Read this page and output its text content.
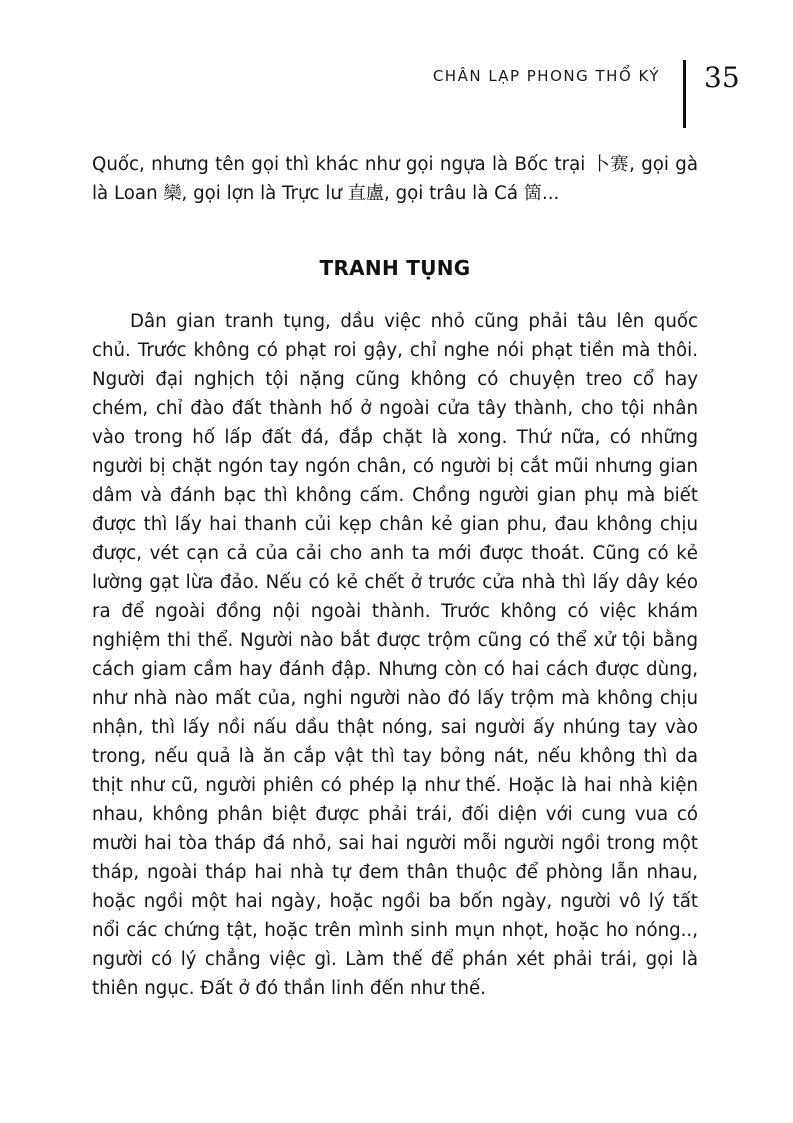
CHÂN LẠP PHONG THỔ KÝ 35

Quốc, nhưng tên gọi thì khác như gọi ngựa là Bốc trại 卜赛, gọi gà là Loan 欒, gọi lợn là Trực lư 直盧, gọi trâu là Cá 箇...

TRANH TỤNG

Dân gian tranh tụng, dầu việc nhỏ cũng phải tâu lên quốc chủ. Trước không có phạt roi gậy, chỉ nghe nói phạt tiền mà thôi. Người đại nghịch tội nặng cũng không có chuyện treo cổ hay chém, chỉ đào đất thành hố ở ngoài cửa tây thành, cho tội nhân vào trong hố lấp đất đá, đắp chặt là xong. Thứ nữa, có những người bị chặt ngón tay ngón chân, có người bị cắt mũi nhưng gian dâm và đánh bạc thì không cấm. Chồng người gian phụ mà biết được thì lấy hai thanh củi kẹp chân kẻ gian phu, đau không chịu được, vét cạn cả của cải cho anh ta mới được thoát. Cũng có kẻ lường gạt lừa đảo. Nếu có kẻ chết ở trước cửa nhà thì lấy dây kéo ra để ngoài đồng nội ngoài thành. Trước không có việc khám nghiệm thi thể. Người nào bắt được trộm cũng có thể xử tội bằng cách giam cầm hay đánh đập. Nhưng còn có hai cách được dùng, như nhà nào mất của, nghi người nào đó lấy trộm mà không chịu nhận, thì lấy nồi nấu dầu thật nóng, sai người ấy nhúng tay vào trong, nếu quả là ăn cắp vật thì tay bỏng nát, nếu không thì da thịt như cũ, người phiên có phép lạ như thế. Hoặc là hai nhà kiện nhau, không phân biệt được phải trái, đối diện với cung vua có mười hai tòa tháp đá nhỏ, sai hai người mỗi người ngồi trong một tháp, ngoài tháp hai nhà tự đem thân thuộc để phòng lẫn nhau, hoặc ngồi một hai ngày, hoặc ngồi ba bốn ngày, người vô lý tất nổi các chứng tật, hoặc trên mình sinh mụn nhọt, hoặc ho nóng.., người có lý chẳng việc gì. Làm thế để phán xét phải trái, gọi là thiên ngục. Đất ở đó thần linh đến như thế.
